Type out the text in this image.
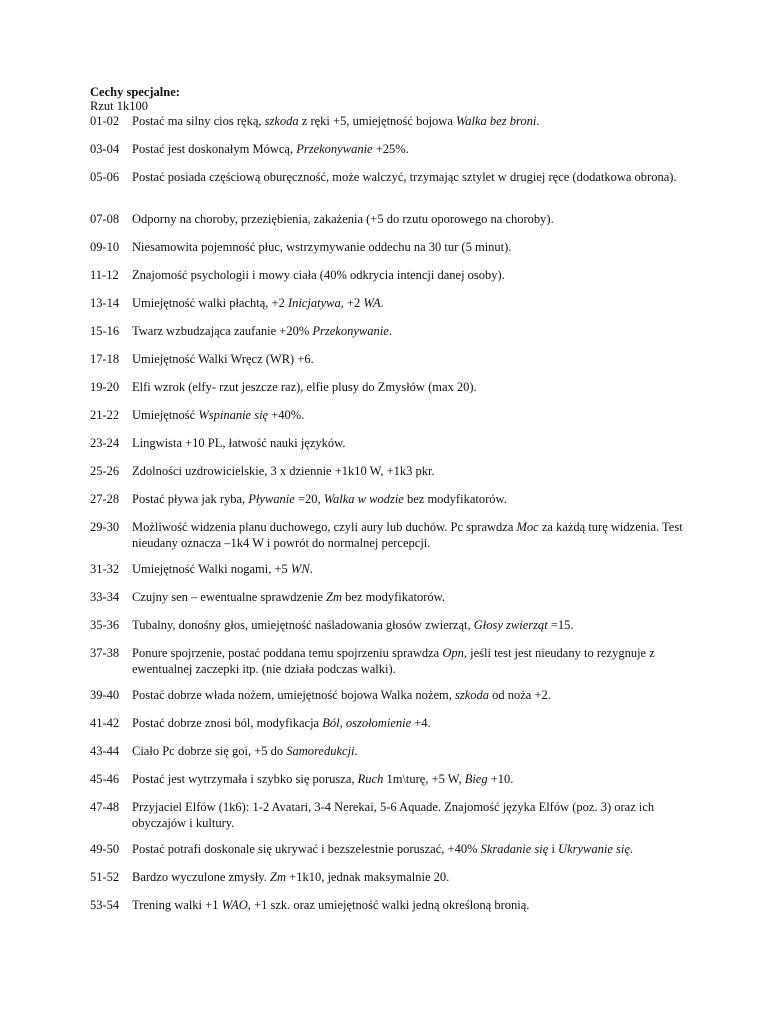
Cechy specjalne:
Rzut 1k100
01-02 Postać ma silny cios ręką, szkoda z ręki +5, umiejętność bojowa Walka bez broni.
03-04 Postać jest doskonałym Mówcą, Przekonywanie +25%.
05-06 Postać posiada częściową oburęczność, może walczyć, trzymając sztylet w drugiej ręce (dodatkowa obrona).
07-08 Odporny na choroby, przeziębienia, zakażenia (+5 do rzutu oporowego na choroby).
09-10 Niesamowita pojemność płuc, wstrzymywanie oddechu na 30 tur (5 minut).
11-12 Znajomość psychologii i mowy ciała (40% odkrycia intencji danej osoby).
13-14 Umiejętność walki płachtą, +2 Inicjatywa, +2 WA.
15-16 Twarz wzbudzająca zaufanie +20% Przekonywanie.
17-18 Umiejętność Walki Wręcz (WR) +6.
19-20 Elfi wzrok (elfy- rzut jeszcze raz), elfie plusy do Zmysłów (max 20).
21-22 Umiejętność Wspinanie się +40%.
23-24 Lingwista +10 PL, łatwość nauki języków.
25-26 Zdolności uzdrowicielskie, 3 x dziennie +1k10 W, +1k3 pkr.
27-28 Postać pływa jak ryba, Pływanie =20, Walka w wodzie bez modyfikatorów.
29-30 Możliwość widzenia planu duchowego, czyli aury lub duchów. Pc sprawdza Moc za każdą turę widzenia. Test nieudany oznacza –1k4 W i powrót do normalnej percepcji.
31-32 Umiejętność Walki nogami, +5 WN.
33-34 Czujny sen – ewentualne sprawdzenie Zm bez modyfikatorów.
35-36 Tubalny, donośny głos, umiejętność naśladowania głosów zwierząt, Głosy zwierząt =15.
37-38 Ponure spojrzenie, postać poddana temu spojrzeniu sprawdza Opn, jeśli test jest nieudany to rezygnuje z ewentualnej zaczepki itp. (nie działa podczas walki).
39-40 Postać dobrze włada nożem, umiejętność bojowa Walka nożem, szkoda od noża +2.
41-42 Postać dobrze znosi ból, modyfikacja Ból, oszołomienie +4.
43-44 Ciało Pc dobrze się goi, +5 do Samoredukcji.
45-46 Postać jest wytrzymała i szybko się porusza, Ruch 1m\turę, +5 W, Bieg +10.
47-48 Przyjaciel Elfów (1k6): 1-2 Avatari, 3-4 Nerekai, 5-6 Aquade. Znajomość języka Elfów (poz. 3) oraz ich obyczajów i kultury.
49-50 Postać potrafi doskonale się ukrywać i bezszelestnie poruszać, +40% Skradanie się i Ukrywanie się.
51-52 Bardzo wyczulone zmysły. Zm +1k10, jednak maksymalnie 20.
53-54 Trening walki +1 WAO, +1 szk. oraz umiejętność walki jedną określoną bronią.
